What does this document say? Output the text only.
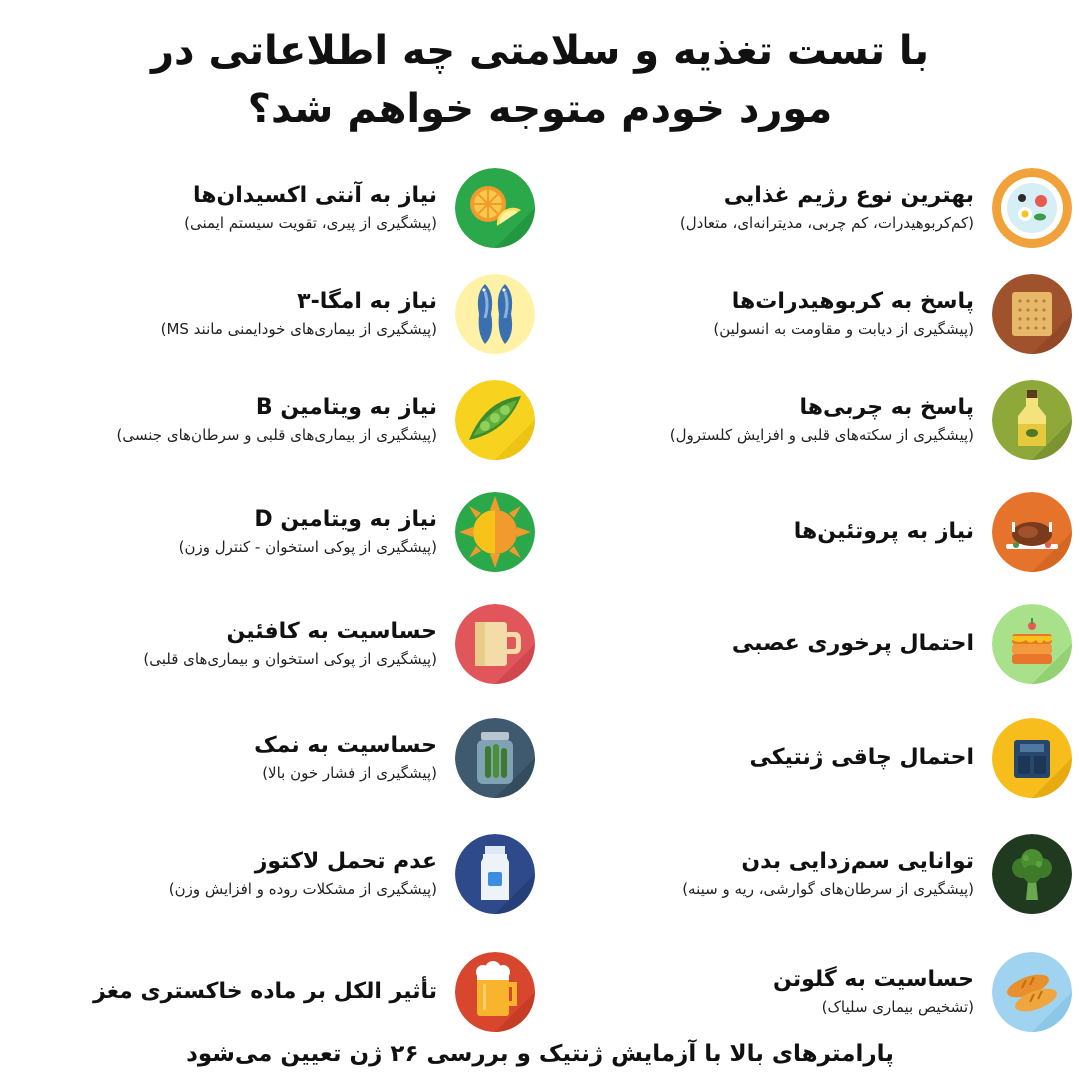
با تست تغذیه و سلامتی چه اطلاعاتی در
مورد خودم متوجه خواهم شد؟
بهترین نوع رژیم غذایی
(کم‌کربوهیدرات، کم چربی، مدیترانه‌ای، متعادل)
پاسخ به کربوهیدرات‌ها
(پیشگیری از دیابت و مقاومت به انسولین)
پاسخ به چربی‌ها
(پیشگیری از سکته‌های قلبی و افزایش کلسترول)
نیاز به پروتئین‌ها
احتمال پرخوری عصبی
احتمال چاقی ژنتیکی
توانایی سم‌زدایی بدن
(پیشگیری از سرطان‌های گوارشی، ریه و سینه)
حساسیت به گلوتن
(تشخیص بیماری سلیاک)
نیاز به آنتی اکسیدان‌ها
(پیشگیری از پیری، تقویت سیستم ایمنی)
نیاز به امگا-۳
(پیشگیری از بیماری‌های خودایمنی مانند MS)
نیاز به ویتامین B
(پیشگیری از بیماری‌های قلبی و سرطان‌های جنسی)
نیاز به ویتامین D
(پیشگیری از پوکی استخوان - کنترل وزن)
حساسیت به کافئین
(پیشگیری از پوکی استخوان و بیماری‌های قلبی)
حساسیت به نمک
(پیشگیری از فشار خون بالا)
عدم تحمل لاکتوز
(پیشگیری از مشکلات روده و افزایش وزن)
تأثیر الکل بر ماده خاکستری مغز
پارامترهای بالا با آزمایش ژنتیک و بررسی ۲۶ ژن تعیین می‌شود
